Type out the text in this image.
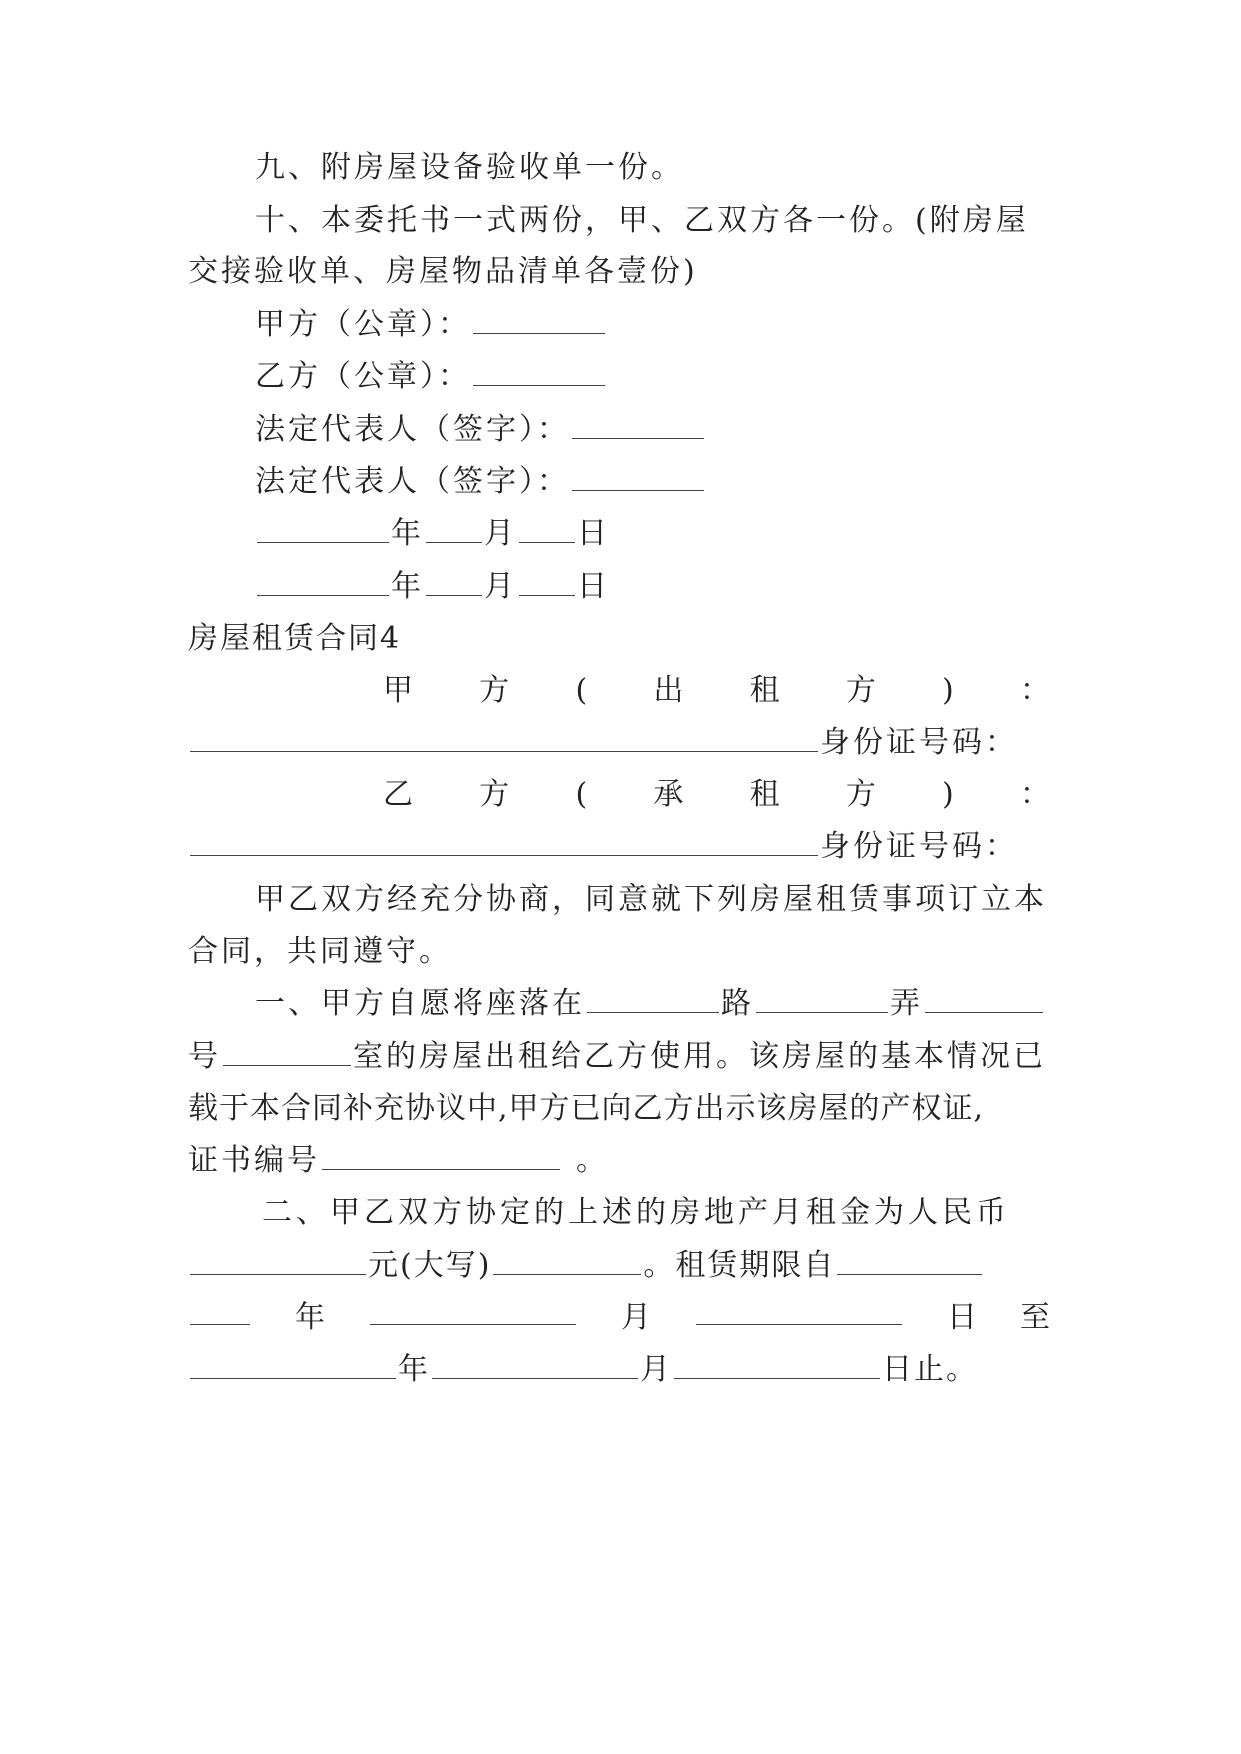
九、附房屋设备验收单一份。
十、本委托书一式两份，甲、乙双方各一份。(附房屋
交接验收单、房屋物品清单各壹份)
甲方（公章）：
乙方（公章）：
法定代表人（签字）：
法定代表人（签字）：
年 月 日
年 月 日
房屋租赁合同4
甲 方 ( 出 租 方 ) ：
身份证号码：
乙 方 ( 承 租 方 ) ：
身份证号码：
甲乙双方经充分协商，同意就下列房屋租赁事项订立本
合同，共同遵守。
一、甲方自愿将座落在	路	弄
号	室的房屋出租给乙方使用。该房屋的基本情况已
载于本合同补充协议中,甲方已向乙方出示该房屋的产权证,
证书编号	。
二、甲乙双方协定的上述的房地产月租金为人民币
元(大写)	。租赁期限自
年	月	日 至
年	月	日止。
